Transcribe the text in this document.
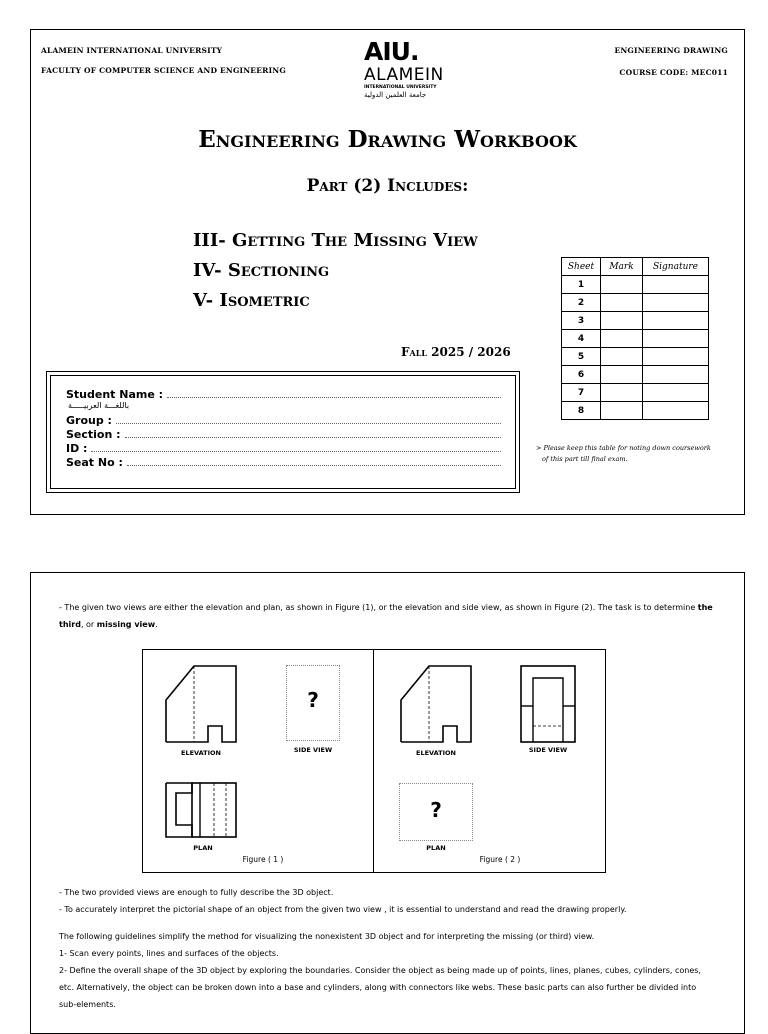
ALAMEIN INTERNATIONAL UNIVERSITY
FACULTY OF COMPUTER SCIENCE AND ENGINEERING
ENGINEERING DRAWING
COURSE CODE: MEC011
AIU.
ALAMEIN
INTERNATIONAL UNIVERSITY
جامعة العلمين الدولية
Engineering Drawing Workbook
Part (2) Includes:
III- Getting The Missing View
IV- Sectioning
V- Isometric
Fall 2025 / 2026
Student Name :
باللغـــة العربيـــــة
Group :
Section :
ID :
Seat No :
Sheet	Mark	Signature
1		
2		
3		
4		
5		
6		
7		
8		
> Please keep this table for noting down coursework
of this part till final exam.
- The given two views are either the elevation and plan, as shown in Figure (1), or the elevation and side view, as shown in Figure (2). The task is to determine the third, or missing view.
ELEVATION
?
SIDE VIEW
PLAN
Figure ( 1 )
ELEVATION	SIDE VIEW
?
PLAN
Figure ( 2 )
- The two provided views are enough to fully describe the 3D object.
- To accurately interpret the pictorial shape of an object from the given two view , it is essential to understand and read the drawing properly.
The following guidelines simplify the method for visualizing the nonexistent 3D object and for interpreting the missing (or third) view.
1- Scan every points, lines and surfaces of the objects.
2- Define the overall shape of the 3D object by exploring the boundaries. Consider the object as being made up of points, lines, planes, cubes, cylinders, cones,
etc. Alternatively, the object can be broken down into a base and cylinders, along with connectors like webs. These basic parts can also further be divided into
sub-elements.
